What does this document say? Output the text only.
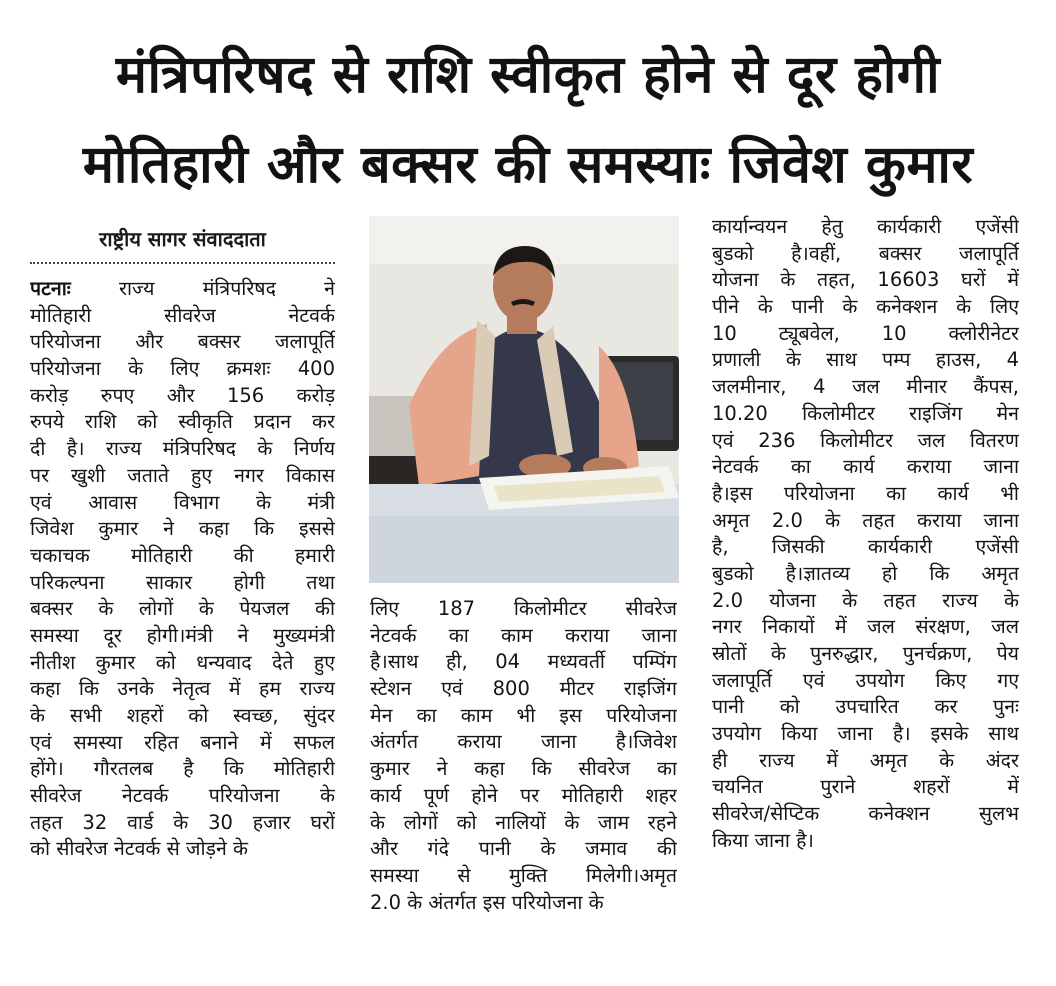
मंत्रिपरिषद से राशि स्वीकृत होने से दूर होगी
मोतिहारी और बक्सर की समस्याः जिवेश कुमार
राष्ट्रीय सागर संवाददाता
पटनाः राज्य मंत्रिपरिषद ने
मोतिहारी सीवरेज नेटवर्क
परियोजना और बक्सर जलापूर्ति
परियोजना के लिए क्रमशः 400
करोड़ रुपए और 156 करोड़
रुपये राशि को स्वीकृति प्रदान कर
दी है। राज्य मंत्रिपरिषद के निर्णय
पर खुशी जताते हुए नगर विकास
एवं आवास विभाग के मंत्री
जिवेश कुमार ने कहा कि इससे
चकाचक मोतिहारी की हमारी
परिकल्पना साकार होगी तथा
बक्सर के लोगों के पेयजल की
समस्या दूर होगी।मंत्री ने मुख्यमंत्री
नीतीश कुमार को धन्यवाद देते हुए
कहा कि उनके नेतृत्व में हम राज्य
के सभी शहरों को स्वच्छ, सुंदर
एवं समस्या रहित बनाने में सफल
होंगे। गौरतलब है कि मोतिहारी
सीवरेज नेटवर्क परियोजना के
तहत 32 वार्ड के 30 हजार घरों
को सीवरेज नेटवर्क से जोड़ने के
लिए 187 किलोमीटर सीवरेज
नेटवर्क का काम कराया जाना
है।साथ ही, 04 मध्यवर्ती पम्पिंग
स्टेशन एवं 800 मीटर राइजिंग
मेन का काम भी इस परियोजना
अंतर्गत कराया जाना है।जिवेश
कुमार ने कहा कि सीवरेज का
कार्य पूर्ण होने पर मोतिहारी शहर
के लोगों को नालियों के जाम रहने
और गंदे पानी के जमाव की
समस्या से मुक्ति मिलेगी।अमृत
2.0 के अंतर्गत इस परियोजना के
कार्यान्वयन हेतु कार्यकारी एजेंसी
बुडको है।वहीं, बक्सर जलापूर्ति
योजना के तहत, 16603 घरों में
पीने के पानी के कनेक्शन के लिए
10 ट्यूबवेल, 10 क्लोरीनेटर
प्रणाली के साथ पम्प हाउस, 4
जलमीनार, 4 जल मीनार कैंपस,
10.20 किलोमीटर राइजिंग मेन
एवं 236 किलोमीटर जल वितरण
नेटवर्क का कार्य कराया जाना
है।इस परियोजना का कार्य भी
अमृत 2.0 के तहत कराया जाना
है, जिसकी कार्यकारी एजेंसी
बुडको है।ज्ञातव्य हो कि अमृत
2.0 योजना के तहत राज्य के
नगर निकायों में जल संरक्षण, जल
स्रोतों के पुनरुद्धार, पुनर्चक्रण, पेय
जलापूर्ति एवं उपयोग किए गए
पानी को उपचारित कर पुनः
उपयोग किया जाना है। इसके साथ
ही राज्य में अमृत के अंदर
चयनित पुराने शहरों में
सीवरेज/सेप्टिक कनेक्शन सुलभ
किया जाना है।
